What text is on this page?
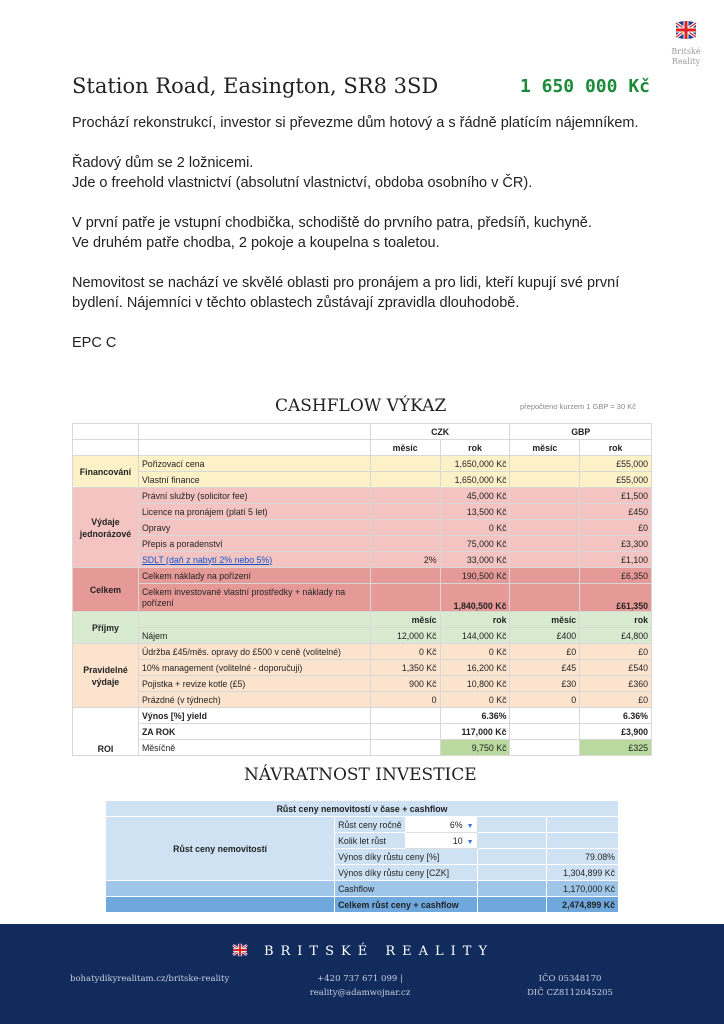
Britské
Reality
Station Road, Easington, SR8 3SD	1 650 000 Kč

Prochází rekonstrukcí, investor si převezme dům hotový a s řádně platícím nájemníkem.

Řadový dům se 2 ložnicemi.
Jde o freehold vlastnictví (absolutní vlastnictví, obdoba osobního v ČR).

V první patře je vstupní chodbička, schodiště do prvního patra, předsíň, kuchyně.
Ve druhém patře chodba, 2 pokoje a koupelna s toaletou.

Nemovitost se nachází ve skvělé oblasti pro pronájem a pro lidi, kteří kupují své první bydlení. Nájemníci v těchto oblastech zůstávají zpravidla dlouhodobě.

EPC C

CASHFLOW VÝKAZ	přepočteno kurzem 1 GBP = 30 Kč
		CZK		GBP	
		měsíc	rok	měsíc	rok
Financování	Pořizovací cena		1,650,000 Kč		£55,000
	Vlastní finance		1,650,000 Kč		£55,000
Výdaje jednorázové	Právní služby (solicitor fee)		45,000 Kč		£1,500
	Licence na pronájem (platí 5 let)		13,500 Kč		£450
	Opravy		0 Kč		£0
	Přepis a poradenství		75,000 Kč		£3,300
	SDLT (daň z nabytí 2% nebo 5%)	2%	33,000 Kč		£1,100
Celkem	Celkem náklady na pořízení		190,500 Kč		£6,350
	Celkem investované vlastní prostředky + náklady na pořízení		1,840,500 Kč		£61,350
Příjmy		měsíc	rok	měsíc	rok
	Nájem	12,000 Kč	144,000 Kč	£400	£4,800
Pravidelné výdaje	Údržba £45/měs. opravy do £500 v ceně (volitelné)	0 Kč	0 Kč	£0	£0
	10% management (volitelné - doporučuji)	1,350 Kč	16,200 Kč	£45	£540
	Pojistka + revize kotle (£5)	900 Kč	10,800 Kč	£30	£360
	Prázdné (v týdnech)	0	0 Kč	0	£0
ROI	Výnos [%] yield		6.36%		6.36%
	ZA ROK		117,000 Kč		£3,900
	Měsíčně		9,750 Kč		£325
NÁVRATNOST INVESTICE
Růst ceny nemovitostí v čase + cashflow				
Růst ceny nemovitostí	Růst ceny ročně	6% ▼		
	Kolik let růst	10 ▼		
	Výnos díky růstu ceny [%]			79.08%
	Výnos díky růstu ceny [CZK]			1,304,899 Kč
	Cashflow			1,170,000 Kč
	Celkem růst ceny + cashflow			2,474,899 Kč
BRITSKÉ REALITY
bohatydikyrealitam.cz/britske-reality	+420 737 671 099 |
reality@adamwojnar.cz
IČO 05348170
DIČ CZ8112045205
